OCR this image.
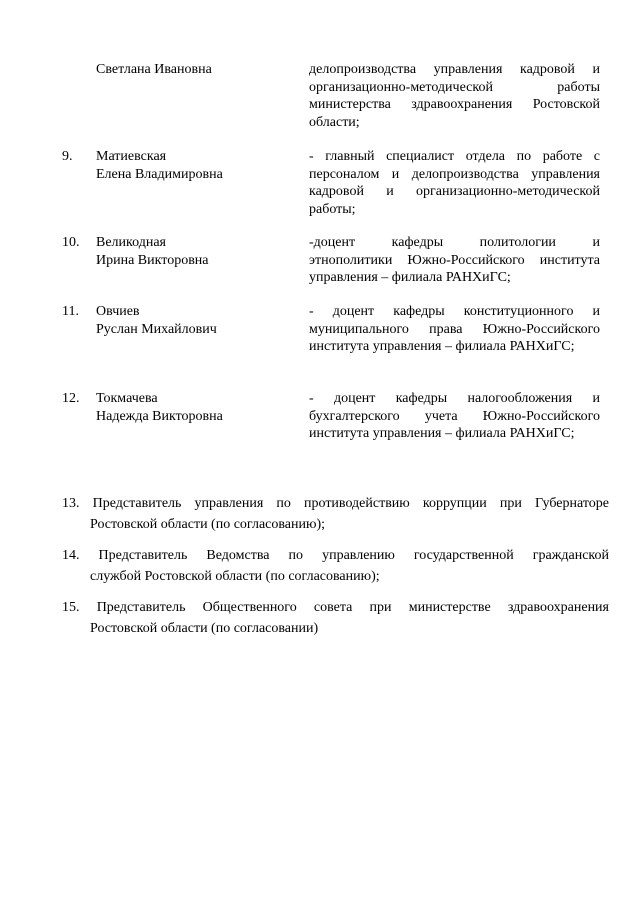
Светлана Ивановна	делопроизводства управления кадровой и
организационно-методической работы
министерства здравоохранения Ростовской
области;
9. Матиевская
Елена Владимировна
- главный специалист отдела по работе с
персоналом и делопроизводства управления
кадровой и организационно-методической
работы;
10. Великодная
Ирина Викторовна
-доцент кафедры политологии и
этнополитики Южно-Российского института
управления – филиала РАНХиГС;
11. Овчиев
Руслан Михайлович
- доцент кафедры конституционного и
муниципального права Южно-Российского
института управления – филиала РАНХиГС;
12. Токмачева
Надежда Викторовна
- доцент кафедры налогообложения и
бухгалтерского учета Южно-Российского
института управления – филиала РАНХиГС;
13. Представитель управления по противодействию коррупции при Губернаторе
Ростовской области (по согласованию);
14. Представитель Ведомства по управлению государственной гражданской
службой Ростовской области (по согласованию);
15. Представитель Общественного совета при министерстве здравоохранения
Ростовской области (по согласовании)
